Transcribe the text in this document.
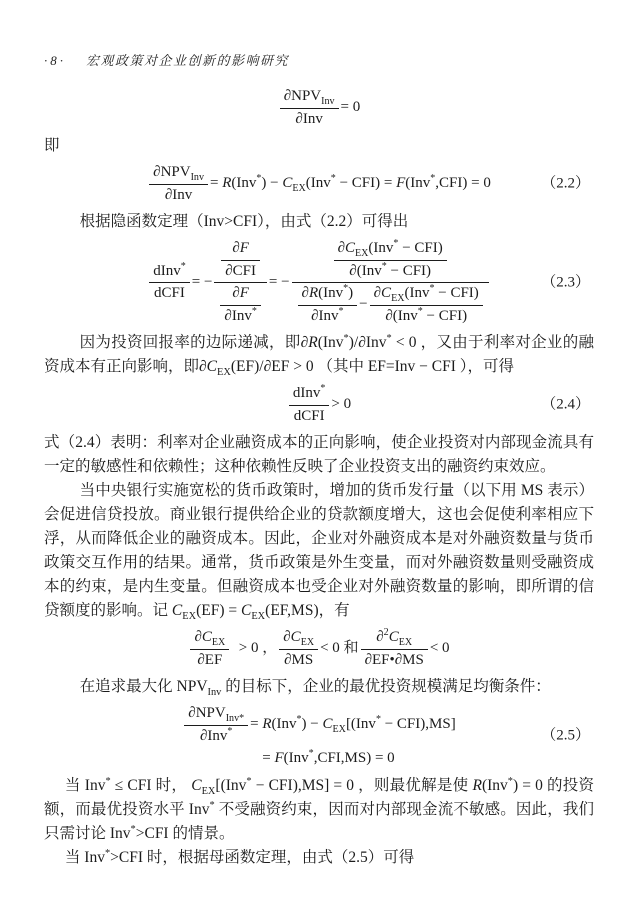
·8· 宏观政策对企业创新的影响研究
$\partial NPV_{Inv}$
∂Inv
= 0

即

$\partial NPV_{Inv}$
∂Inv
= $R(Inv^*) - C_{EX}(Inv^* - CFI) = F(Inv^*,CFI) = 0$	（2.2）

根据隐函数定理（Inv>CFI），由式（2.2）可得出

dInv*
dCFI
= −
∂F
∂CFI
∂F
∂Inv*
= −
$\partial C_{EX}(Inv^* - CFI)$
∂(Inv* − CFI)
∂R(Inv*)
∂Inv*	−
$\partial C_{EX}(Inv^* - CFI)$
∂(Inv* − CFI)
（2.3）

因为投资回报率的边际递减，即∂R(Inv*)/∂Inv* < 0 ，又由于利率对企业的融资成本有正向影响，即$\partial C_{EX}(EF)/\partial EF > 0$ （其中 EF=Inv − CFI ），可得

dInv*
dCFI
> 0	（2.4）

式（2.4）表明：利率对企业融资成本的正向影响，使企业投资对内部现金流具有一定的敏感性和依赖性；这种依赖性反映了企业投资支出的融资约束效应。

当中央银行实施宽松的货币政策时，增加的货币发行量（以下用 MS 表示）会促进信贷投放。商业银行提供给企业的贷款额度增大，这也会促使利率相应下浮，从而降低企业的融资成本。因此，企业对外融资成本是对外融资数量与货币政策交互作用的结果。通常，货币政策是外生变量，而对外融资数量则受融资成本的约束，是内生变量。但融资成本也受企业对外融资数量的影响，即所谓的信贷额度的影响。记 $C_{EX}(EF) = C_{EX}(EF,MS)$，有

$\partial C_{EX}$
∂EF
> 0 ，　
$\partial C_{EX}$
∂MS
< 0 和
$\partial^2C_{EX}$
∂EF•∂MS
< 0

在追求最大化 $NPV_{Inv}$ 的目标下，企业的最优投资规模满足均衡条件：

$\partial NPV_{Inv*}$
∂Inv*	= $R(Inv^*) - C_{EX}[(Inv^* - CFI),MS]$
= F(Inv*,CFI,MS) = 0
（2.5）

当 Inv* ≤ CFI 时， $C_{EX}[(Inv^* - CFI),MS] = 0$ ，则最优解是使 R(Inv*) = 0 的投资额，而最优投资水平 Inv* 不受融资约束，因而对内部现金流不敏感。因此，我们只需讨论 Inv*>CFI 的情景。

当 Inv*>CFI 时，根据母函数定理，由式（2.5）可得
